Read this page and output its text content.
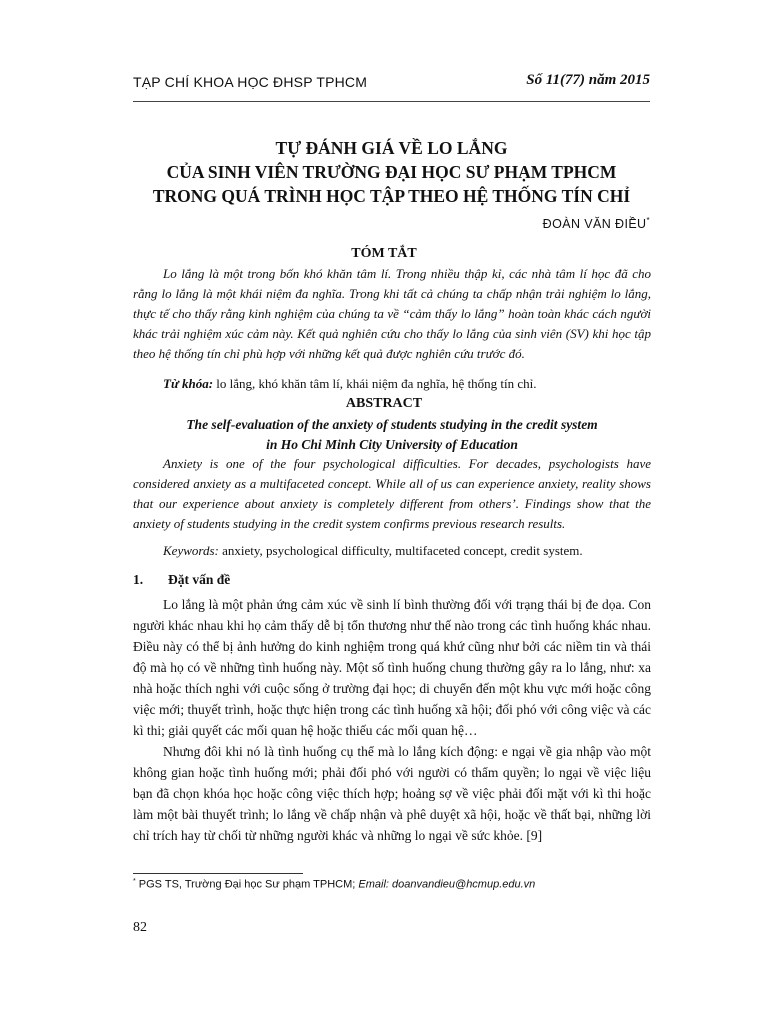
TẠP CHÍ KHOA HỌC ĐHSP TPHCM	Số 11(77) năm 2015
TỰ ĐÁNH GIÁ VỀ LO LẮNG
CỦA SINH VIÊN TRƯỜNG ĐẠI HỌC SƯ PHẠM TPHCM
TRONG QUÁ TRÌNH HỌC TẬP THEO HỆ THỐNG TÍN CHỈ
ĐOÀN VĂN ĐIỀU*
TÓM TẮT
Lo lắng là một trong bốn khó khăn tâm lí. Trong nhiều thập kỉ, các nhà tâm lí học đã cho rằng lo lắng là một khái niệm đa nghĩa. Trong khi tất cả chúng ta chấp nhận trải nghiệm lo lắng, thực tế cho thấy rằng kinh nghiệm của chúng ta về “cảm thấy lo lắng” hoàn toàn khác cách người khác trải nghiệm xúc cảm này. Kết quả nghiên cứu cho thấy lo lắng của sinh viên (SV) khi học tập theo hệ thống tín chỉ phù hợp với những kết quả được nghiên cứu trước đó.
Từ khóa: lo lắng, khó khăn tâm lí, khái niệm đa nghĩa, hệ thống tín chỉ.
ABSTRACT
The self-evaluation of the anxiety of students studying in the credit system
in Ho Chi Minh City University of Education
Anxiety is one of the four psychological difficulties. For decades, psychologists have considered anxiety as a multifaceted concept. While all of us can experience anxiety, reality shows that our experience about anxiety is completely different from others’. Findings show that the anxiety of students studying in the credit system confirms previous research results.
Keywords: anxiety, psychological difficulty, multifaceted concept, credit system.
1. Đặt vấn đề
Lo lắng là một phản ứng cảm xúc về sinh lí bình thường đối với trạng thái bị đe dọa. Con người khác nhau khi họ cảm thấy dễ bị tổn thương như thế nào trong các tình huống khác nhau. Điều này có thể bị ảnh hưởng do kinh nghiệm trong quá khứ cũng như bởi các niềm tin và thái độ mà họ có về những tình huống này. Một số tình huống chung thường gây ra lo lắng, như: xa nhà hoặc thích nghi với cuộc sống ở trường đại học; di chuyển đến một khu vực mới hoặc công việc mới; thuyết trình, hoặc thực hiện trong các tình huống xã hội; đối phó với công việc và các kì thi; giải quyết các mối quan hệ hoặc thiếu các mối quan hệ…
Nhưng đôi khi nó là tình huống cụ thể mà lo lắng kích động: e ngại về gia nhập vào một không gian hoặc tình huống mới; phải đối phó với người có thẩm quyền; lo ngại về việc liệu bạn đã chọn khóa học hoặc công việc thích hợp; hoảng sợ về việc phải đối mặt với kì thi hoặc làm một bài thuyết trình; lo lắng về chấp nhận và phê duyệt xã hội, hoặc về thất bại, những lời chỉ trích hay từ chối từ những người khác và những lo ngại về sức khỏe. [9]
* PGS TS, Trường Đại học Sư phạm TPHCM; Email: doanvandieu@hcmup.edu.vn
82
